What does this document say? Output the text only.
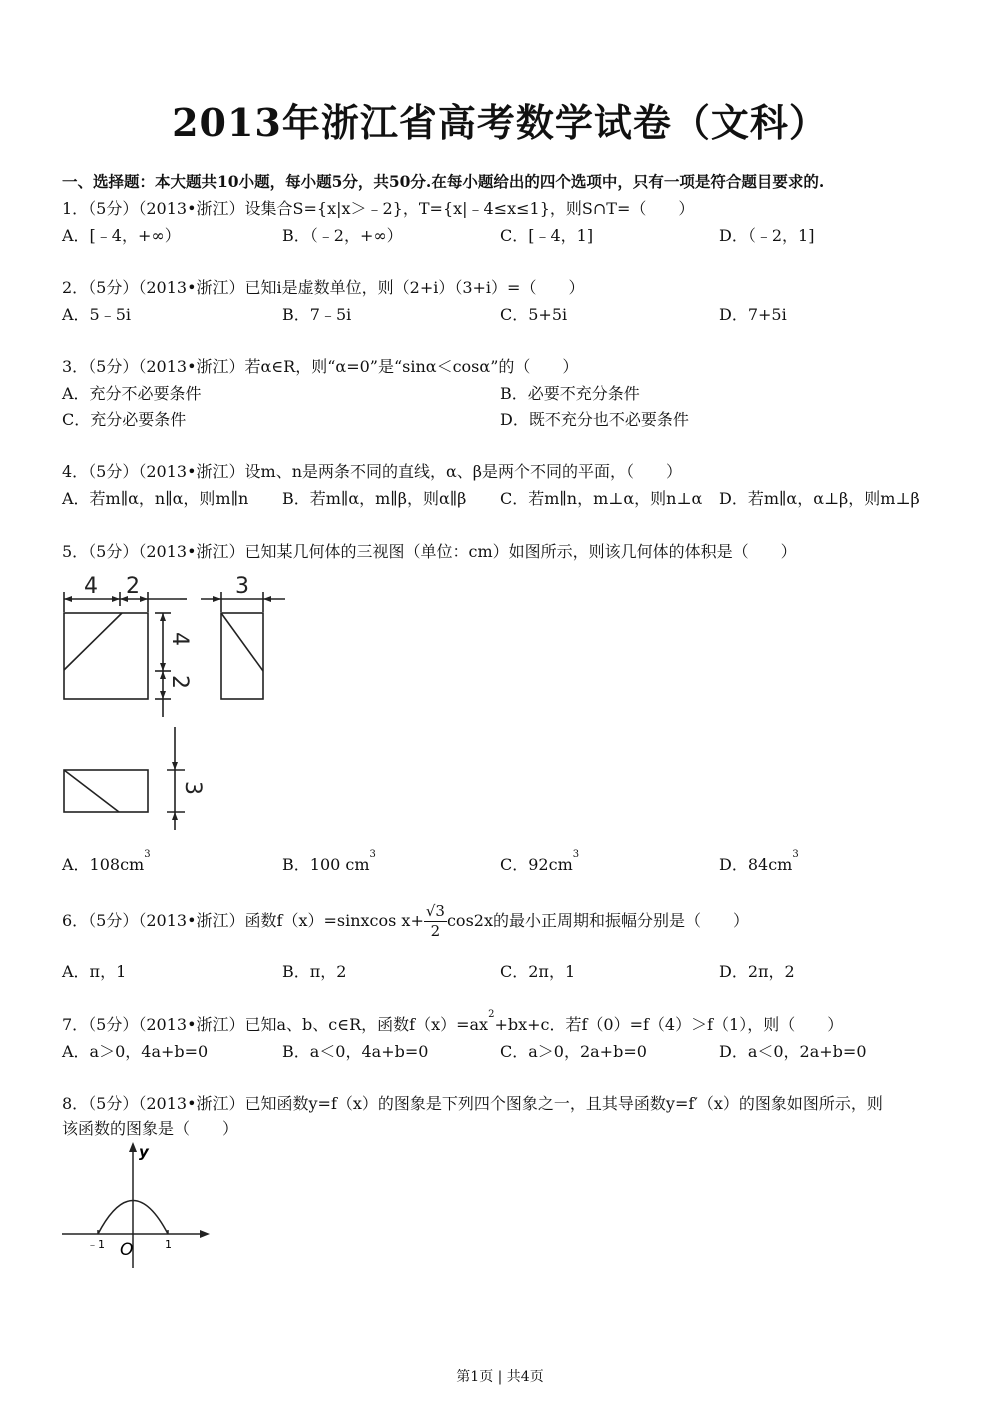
2013年浙江省高考数学试卷（文科）
一、选择题：本大题共10小题，每小题5分，共50分.在每小题给出的四个选项中，只有一项是符合题目要求的.
1．（5分）（2013•浙江）设集合S={x|x＞﹣2}，T={x|﹣4≤x≤1}，则S∩T=（　　）
A．[﹣4，+∞）	B．（﹣2，+∞）	C．[﹣4，1]	D．（﹣2，1]
2．（5分）（2013•浙江）已知i是虚数单位，则（2+i）（3+i）=（　　）
A．5﹣5i	B．7﹣5i	C．5+5i	D．7+5i
3．（5分）（2013•浙江）若α∈R，则“α=0”是“sinα＜cosα”的（　　）
A．充分不必要条件	B．必要不充分条件
C．充分必要条件	D．既不充分也不必要条件
4．（5分）（2013•浙江）设m、n是两条不同的直线，α、β是两个不同的平面，（　　）
A．若m∥α，n∥α，则m∥n B．若m∥α，m∥β，则α∥β C．若m∥n，m⊥α，则n⊥α D．若m∥α，α⊥β，则m⊥β
5．（5分）（2013•浙江）已知某几何体的三视图（单位：cm）如图所示，则该几何体的体积是（　　）
4 2	3
4
2
3
A．$108cm^3$
B．100 $cm^3$
C．$92cm^3$
D．$84cm^3$
6．（5分）（2013•浙江）函数f（x）=sinxcos $x+ \frac{√3}{2} \cos 2x$的最小正周期和振幅分别是（　　）
A．π，1	B．π，2	C．2π，1	D．2π，2
7．（5分）（2013•浙江）已知a、b、c∈R，函数$f(x)=ax^2+bx+c$．若f（0）=f（4）＞f（1），则（　　）
A．a＞0，4a+b=0	B．a＜0，4a+b=0	C．a＞0，2a+b=0	D．a＜0，2a+b=0
8．（5分）（2013•浙江）已知函数y=f（x）的图象是下列四个图象之一，且其导函数y=f′（x）的图象如图所示，则
该函数的图象是（　　）
y
O
﹣1	1
第1页 | 共4页
